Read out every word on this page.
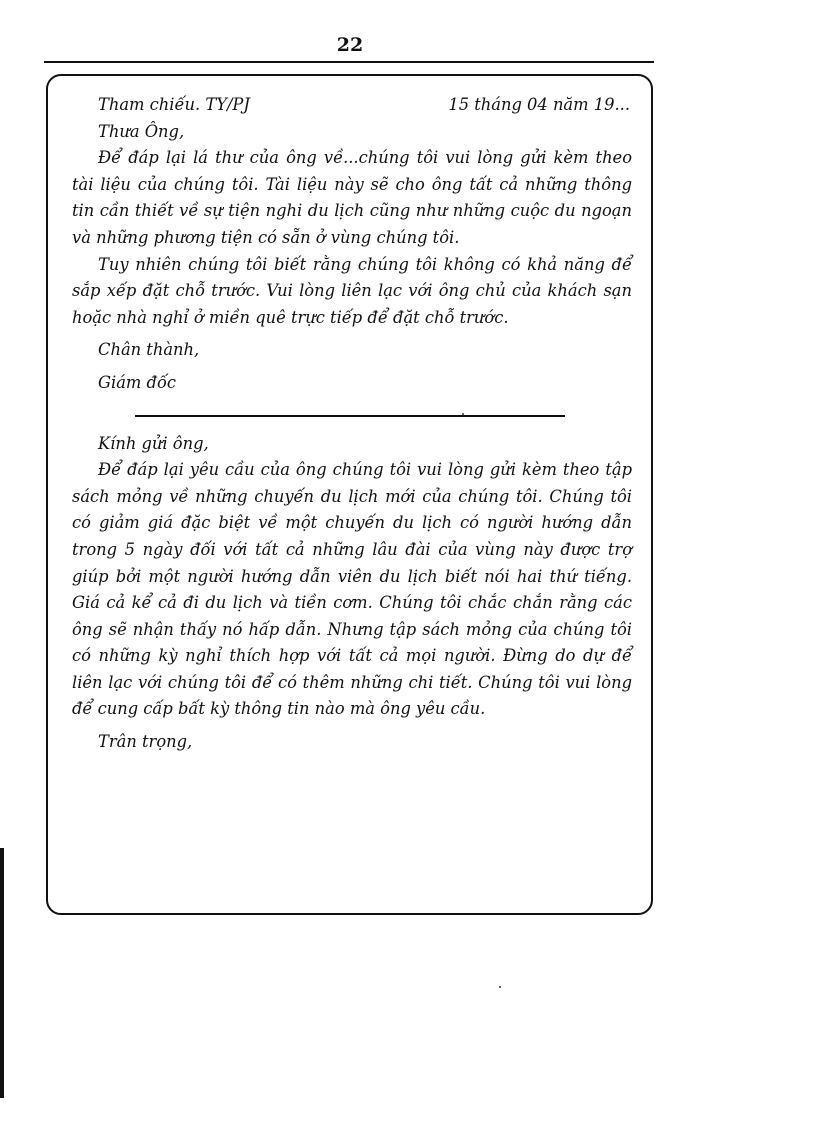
22
Tham chiếu. TY/PJ	15 tháng 04 năm 19...
Thưa Ông,

Để đáp lại lá thư của ông về...chúng tôi vui lòng gửi kèm theo tài liệu của chúng tôi. Tài liệu này sẽ cho ông tất cả những thông tin cần thiết về sự tiện nghi du lịch cũng như những cuộc du ngoạn và những phương tiện có sẵn ở vùng chúng tôi.

Tuy nhiên chúng tôi biết rằng chúng tôi không có khả năng để sắp xếp đặt chỗ trước. Vui lòng liên lạc với ông chủ của khách sạn hoặc nhà nghỉ ở miền quê trực tiếp để đặt chỗ trước.

Chân thành,
Giám đốc
Kính gửi ông,

Để đáp lại yêu cầu của ông chúng tôi vui lòng gửi kèm theo tập sách mỏng về những chuyến du lịch mới của chúng tôi. Chúng tôi có giảm giá đặc biệt về một chuyến du lịch có người hướng dẫn trong 5 ngày đối với tất cả những lâu đài của vùng này được trợ giúp bởi một người hướng dẫn viên du lịch biết nói hai thứ tiếng. Giá cả kể cả đi du lịch và tiền cơm. Chúng tôi chắc chắn rằng các ông sẽ nhận thấy nó hấp dẫn. Nhưng tập sách mỏng của chúng tôi có những kỳ nghỉ thích hợp với tất cả mọi người. Đừng do dự để liên lạc với chúng tôi để có thêm những chi tiết. Chúng tôi vui lòng để cung cấp bất kỳ thông tin nào mà ông yêu cầu.

Trân trọng,
